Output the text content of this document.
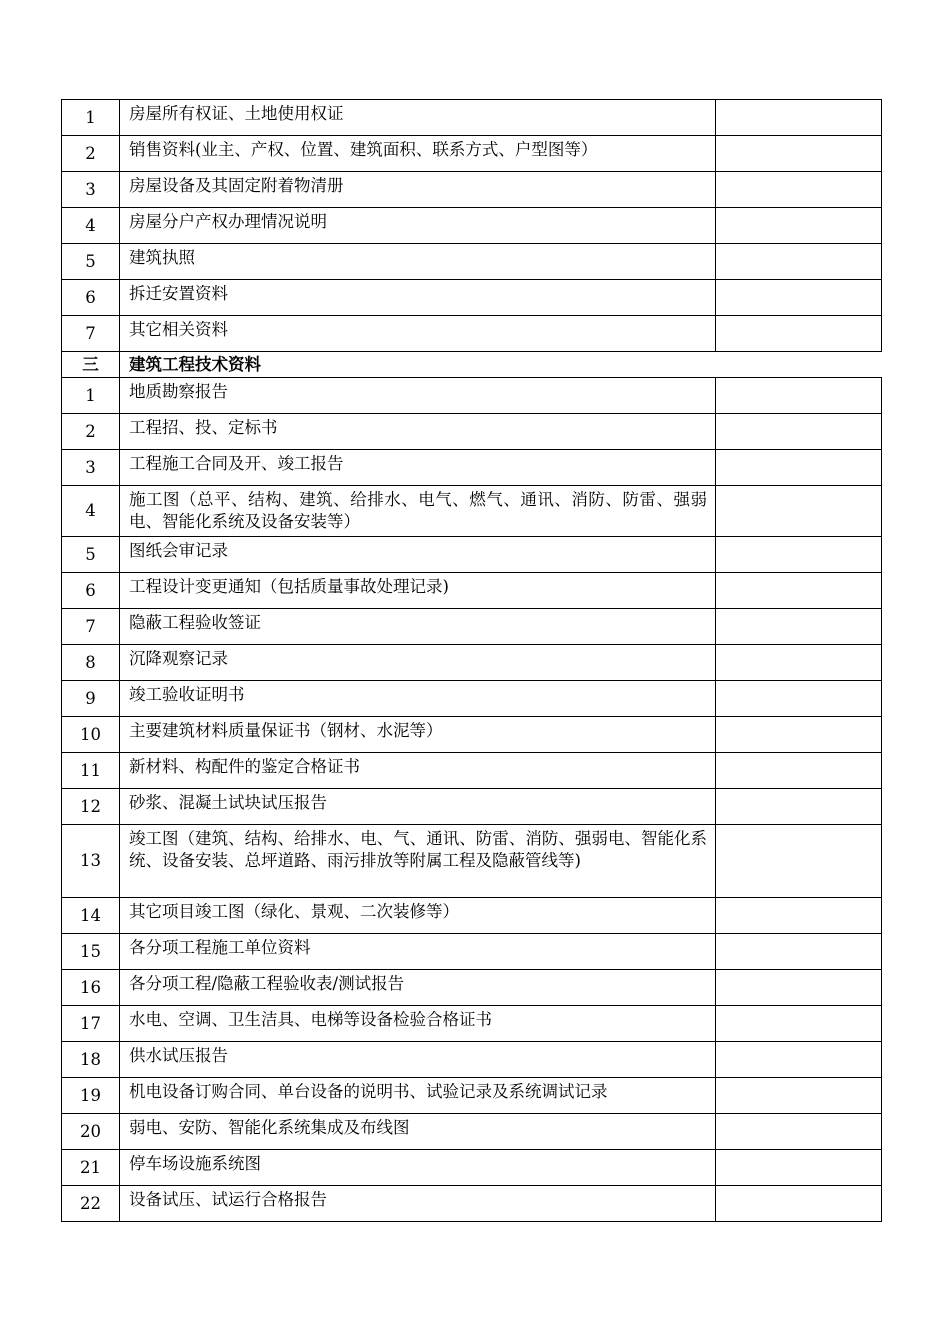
1	房屋所有权证、土地使用权证	
2	销售资料(业主、产权、位置、建筑面积、联系方式、户型图等）	
3	房屋设备及其固定附着物清册	
4	房屋分户产权办理情况说明	
5	建筑执照	
6	拆迁安置资料	
7	其它相关资料	
三	建筑工程技术资料	
1	地质勘察报告	
2	工程招、投、定标书	
3	工程施工合同及开、竣工报告	
4	施工图（总平、结构、建筑、给排水、电气、燃气、通讯、消防、防雷、强弱电、智能化系统及设备安装等）	
5	图纸会审记录	
6	工程设计变更通知（包括质量事故处理记录)	
7	隐蔽工程验收签证	
8	沉降观察记录	
9	竣工验收证明书	
10	主要建筑材料质量保证书（钢材、水泥等）	
11	新材料、构配件的鉴定合格证书	
12	砂浆、混凝土试块试压报告	
13	竣工图（建筑、结构、给排水、电、气、通讯、防雷、消防、强弱电、智能化系统、设备安装、总坪道路、雨污排放等附属工程及隐蔽管线等)	
14	其它项目竣工图（绿化、景观、二次装修等）	
15	各分项工程施工单位资料	
16	各分项工程/隐蔽工程验收表/测试报告	
17	水电、空调、卫生洁具、电梯等设备检验合格证书	
18	供水试压报告	
19	机电设备订购合同、单台设备的说明书、试验记录及系统调试记录	
20	弱电、安防、智能化系统集成及布线图	
21	停车场设施系统图	
22	设备试压、试运行合格报告	
